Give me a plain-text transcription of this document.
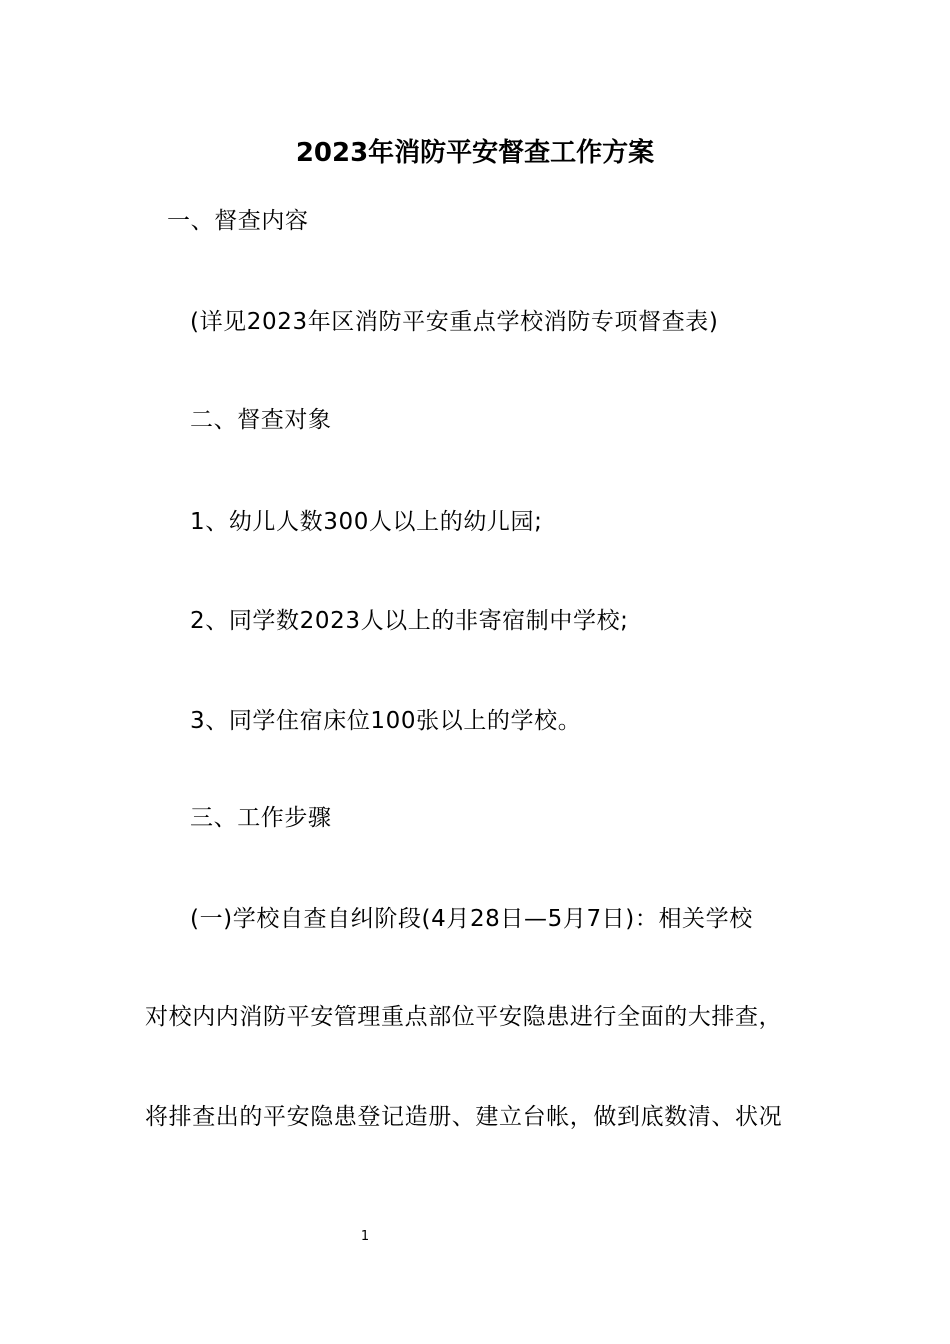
2023年消防平安督查工作方案
一、督查内容
(详见2023年区消防平安重点学校消防专项督查表)
二、督查对象
1、幼儿人数300人以上的幼儿园;
2、同学数2023人以上的非寄宿制中学校;
3、同学住宿床位100张以上的学校。
三、工作步骤
(一)学校自查自纠阶段(4月28日—5月7日)：相关学校
对校内内消防平安管理重点部位平安隐患进行全面的大排查，
将排查出的平安隐患登记造册、建立台帐，做到底数清、状况
1
